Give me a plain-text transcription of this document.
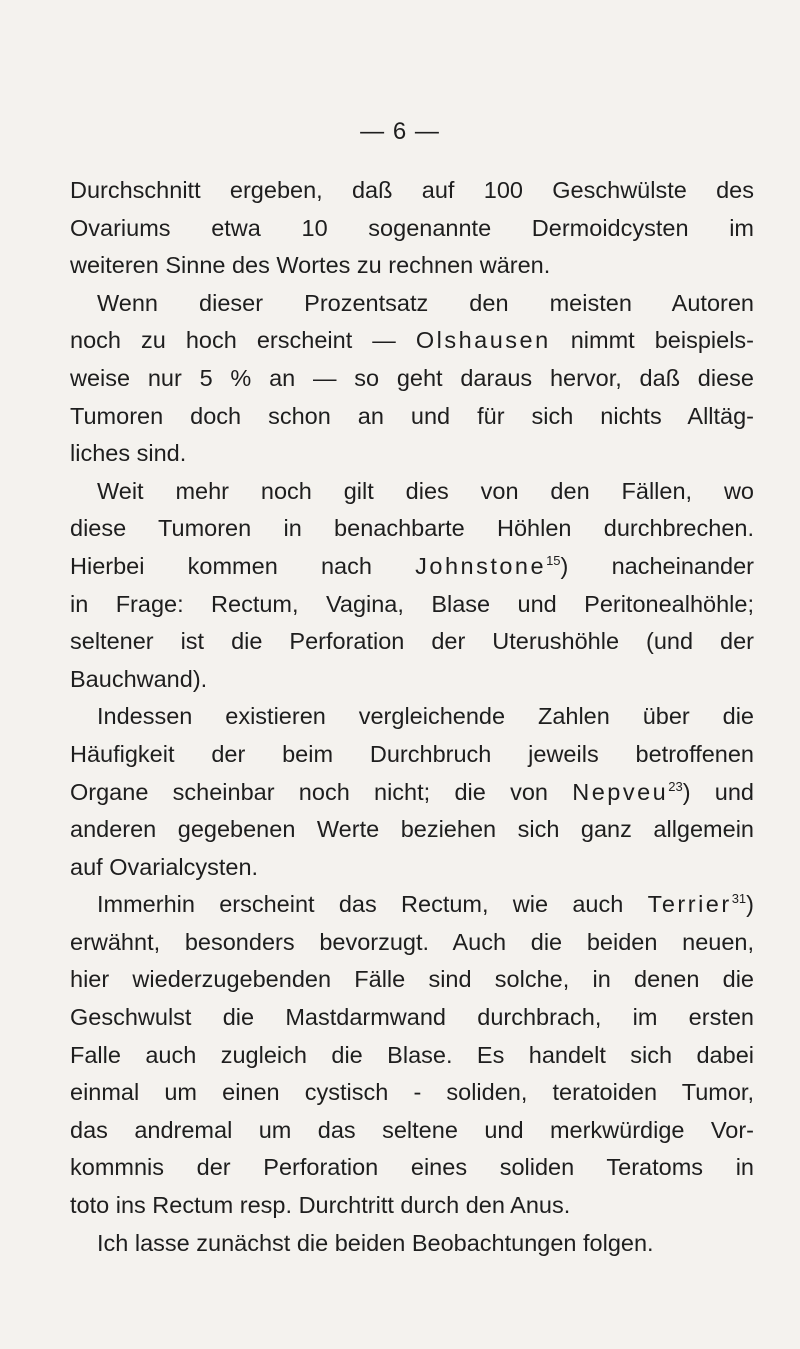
— 6 —

Durchschnitt ergeben, daß auf 100 Geschwülste des
Ovariums etwa 10 sogenannte Dermoidcysten im
weiteren Sinne des Wortes zu rechnen wären.

Wenn dieser Prozentsatz den meisten Autoren
noch zu hoch erscheint — Olshausen nimmt beispiels-
weise nur 5 % an — so geht daraus hervor, daß diese
Tumoren doch schon an und für sich nichts Alltäg-
liches sind.

Weit mehr noch gilt dies von den Fällen, wo
diese Tumoren in benachbarte Höhlen durchbrechen.
Hierbei kommen nach Johnstone$^{15}$) nacheinander
in Frage: Rectum, Vagina, Blase und Peritonealhöhle;
seltener ist die Perforation der Uterushöhle (und der
Bauchwand).

Indessen existieren vergleichende Zahlen über die
Häufigkeit der beim Durchbruch jeweils betroffenen
Organe scheinbar noch nicht; die von Nepveu$^{23}$) und
anderen gegebenen Werte beziehen sich ganz allgemein
auf Ovarialcysten.

Immerhin erscheint das Rectum, wie auch Terrier$^{31}$)
erwähnt, besonders bevorzugt. Auch die beiden neuen,
hier wiederzugebenden Fälle sind solche, in denen die
Geschwulst die Mastdarmwand durchbrach, im ersten
Falle auch zugleich die Blase. Es handelt sich dabei
einmal um einen cystisch - soliden, teratoiden Tumor,
das andremal um das seltene und merkwürdige Vor-
kommnis der Perforation eines soliden Teratoms in
toto ins Rectum resp. Durchtritt durch den Anus.

Ich lasse zunächst die beiden Beobachtungen folgen.
